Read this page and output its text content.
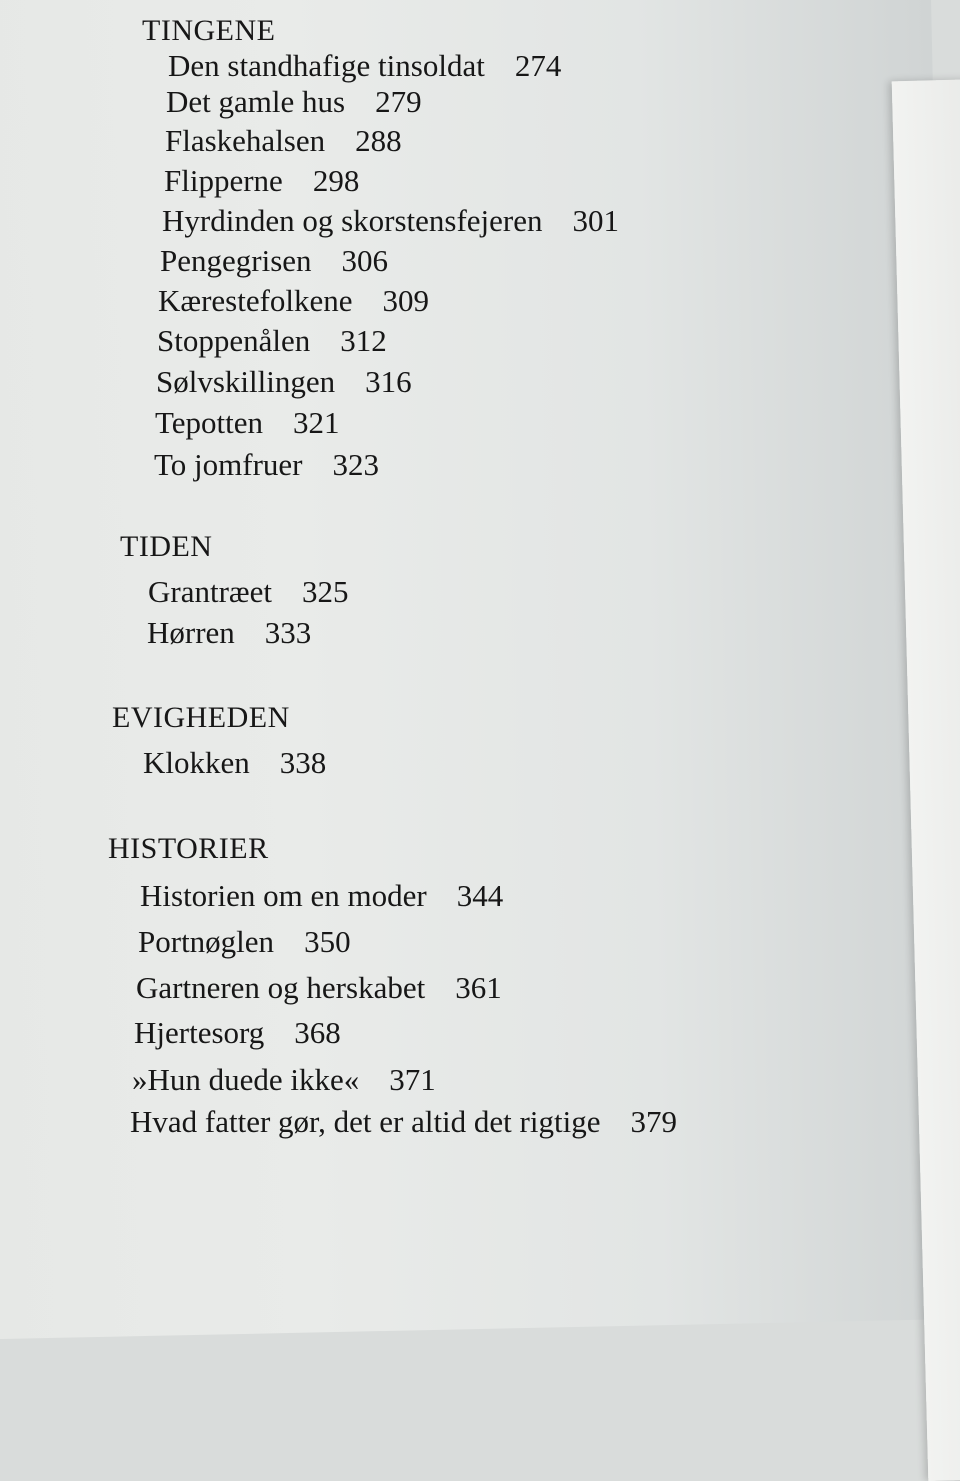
TINGENE
Den standhafige tinsoldat 274
Det gamle hus 279
Flaskehalsen 288
Flipperne 298
Hyrdinden og skorstensfejeren 301
Pengegrisen 306
Kærestefolkene 309
Stoppenålen 312
Sølvskillingen 316
Tepotten 321
To jomfruer 323
TIDEN
Grantræet 325
Hørren 333
EVIGHEDEN
Klokken 338
HISTORIER
Historien om en moder 344
Portnøglen 350
Gartneren og herskabet 361
Hjertesorg 368
»Hun duede ikke« 371
Hvad fatter gør, det er altid det rigtige 379
